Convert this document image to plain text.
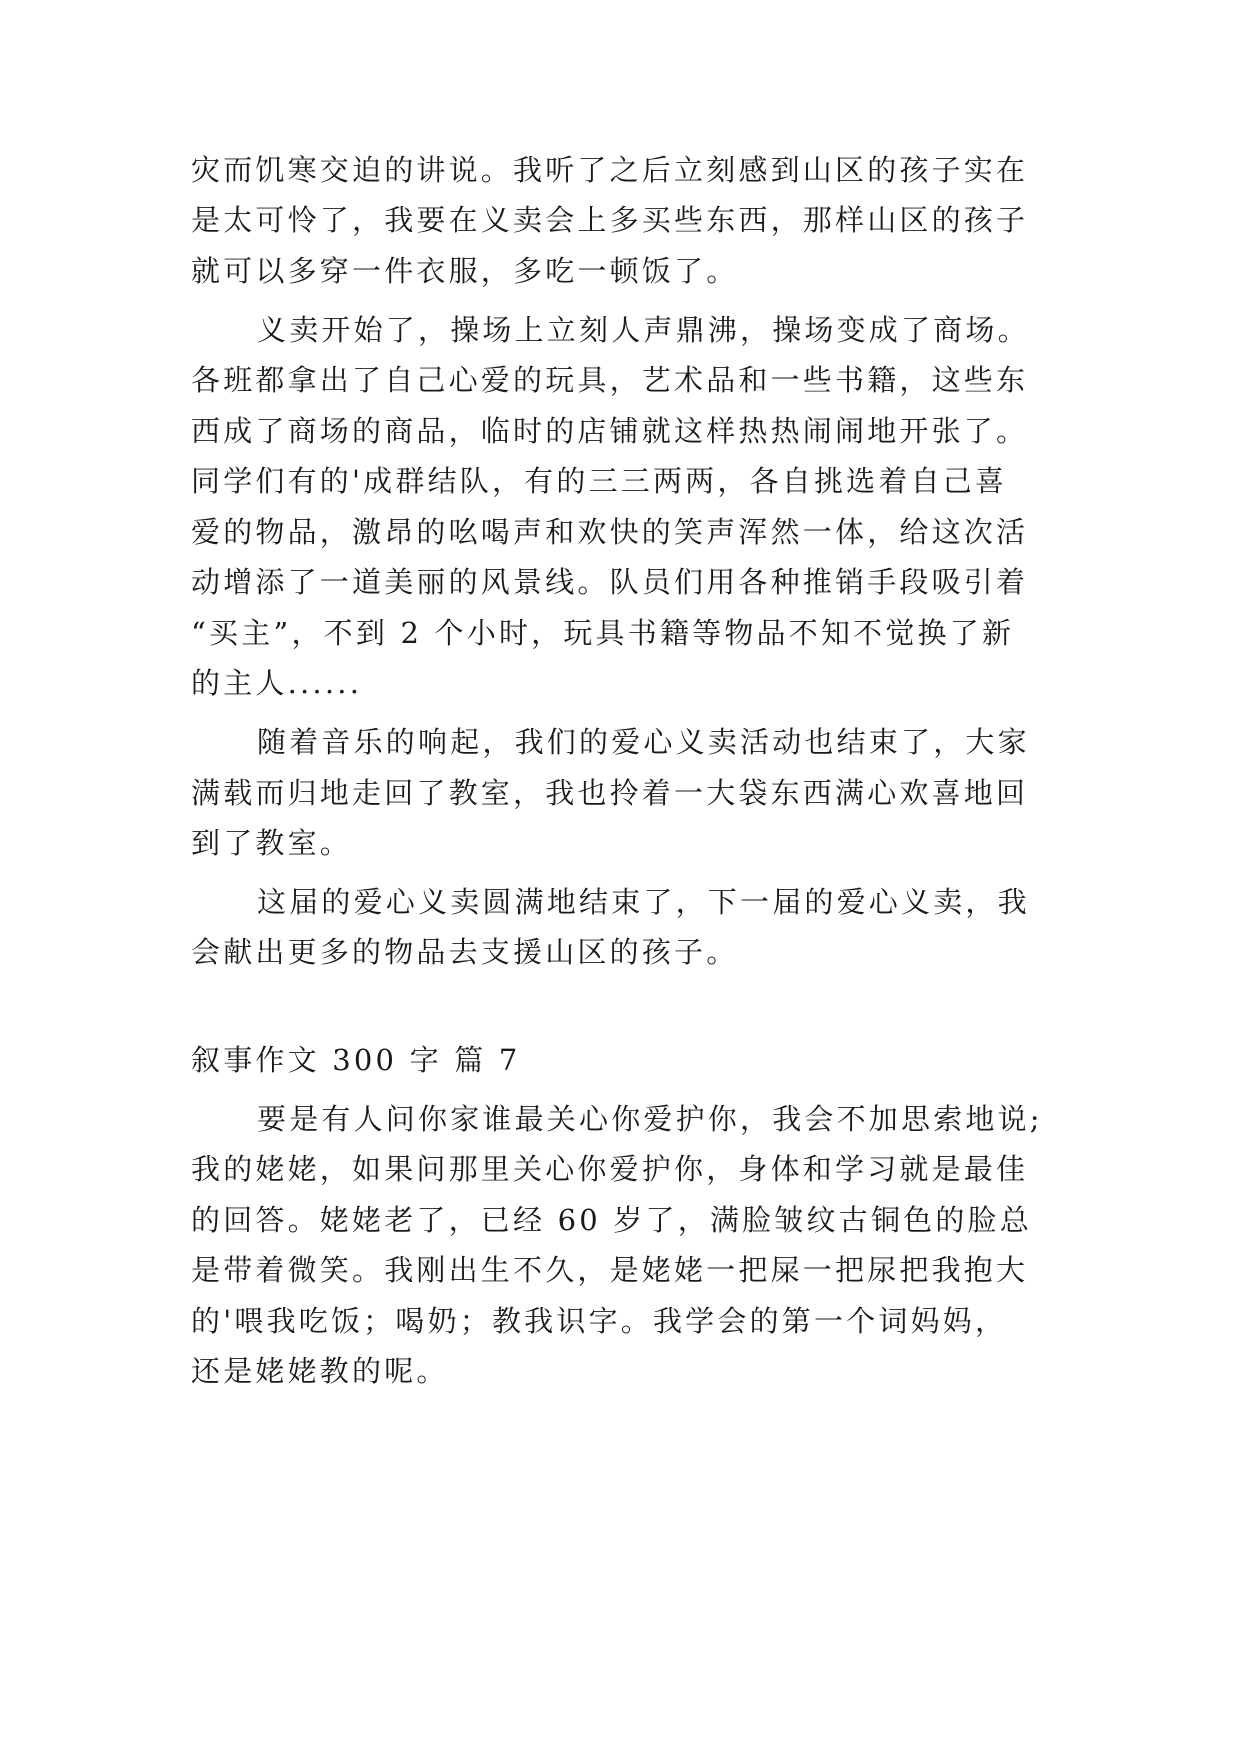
灾而饥寒交迫的讲说。我听了之后立刻感到山区的孩子实在

是太可怜了，我要在义卖会上多买些东西，那样山区的孩子

就可以多穿一件衣服，多吃一顿饭了。

义卖开始了，操场上立刻人声鼎沸，操场变成了商场。

各班都拿出了自己心爱的玩具，艺术品和一些书籍，这些东

西成了商场的商品，临时的店铺就这样热热闹闹地开张了。

同学们有的'成群结队，有的三三两两，各自挑选着自己喜

爱的物品，激昂的吆喝声和欢快的笑声浑然一体，给这次活

动增添了一道美丽的风景线。队员们用各种推销手段吸引着

“买主”，不到 2 个小时，玩具书籍等物品不知不觉换了新

的主人......

随着音乐的响起，我们的爱心义卖活动也结束了，大家

满载而归地走回了教室，我也拎着一大袋东西满心欢喜地回

到了教室。

这届的爱心义卖圆满地结束了，下一届的爱心义卖，我

会献出更多的物品去支援山区的孩子。

叙事作文 300 字 篇 7

要是有人问你家谁最关心你爱护你，我会不加思索地说;

我的姥姥，如果问那里关心你爱护你，身体和学习就是最佳

的回答。姥姥老了，已经 60 岁了，满脸皱纹古铜色的脸总

是带着微笑。我刚出生不久，是姥姥一把屎一把尿把我抱大

的'喂我吃饭；喝奶；教我识字。我学会的第一个词妈妈，

还是姥姥教的呢。
